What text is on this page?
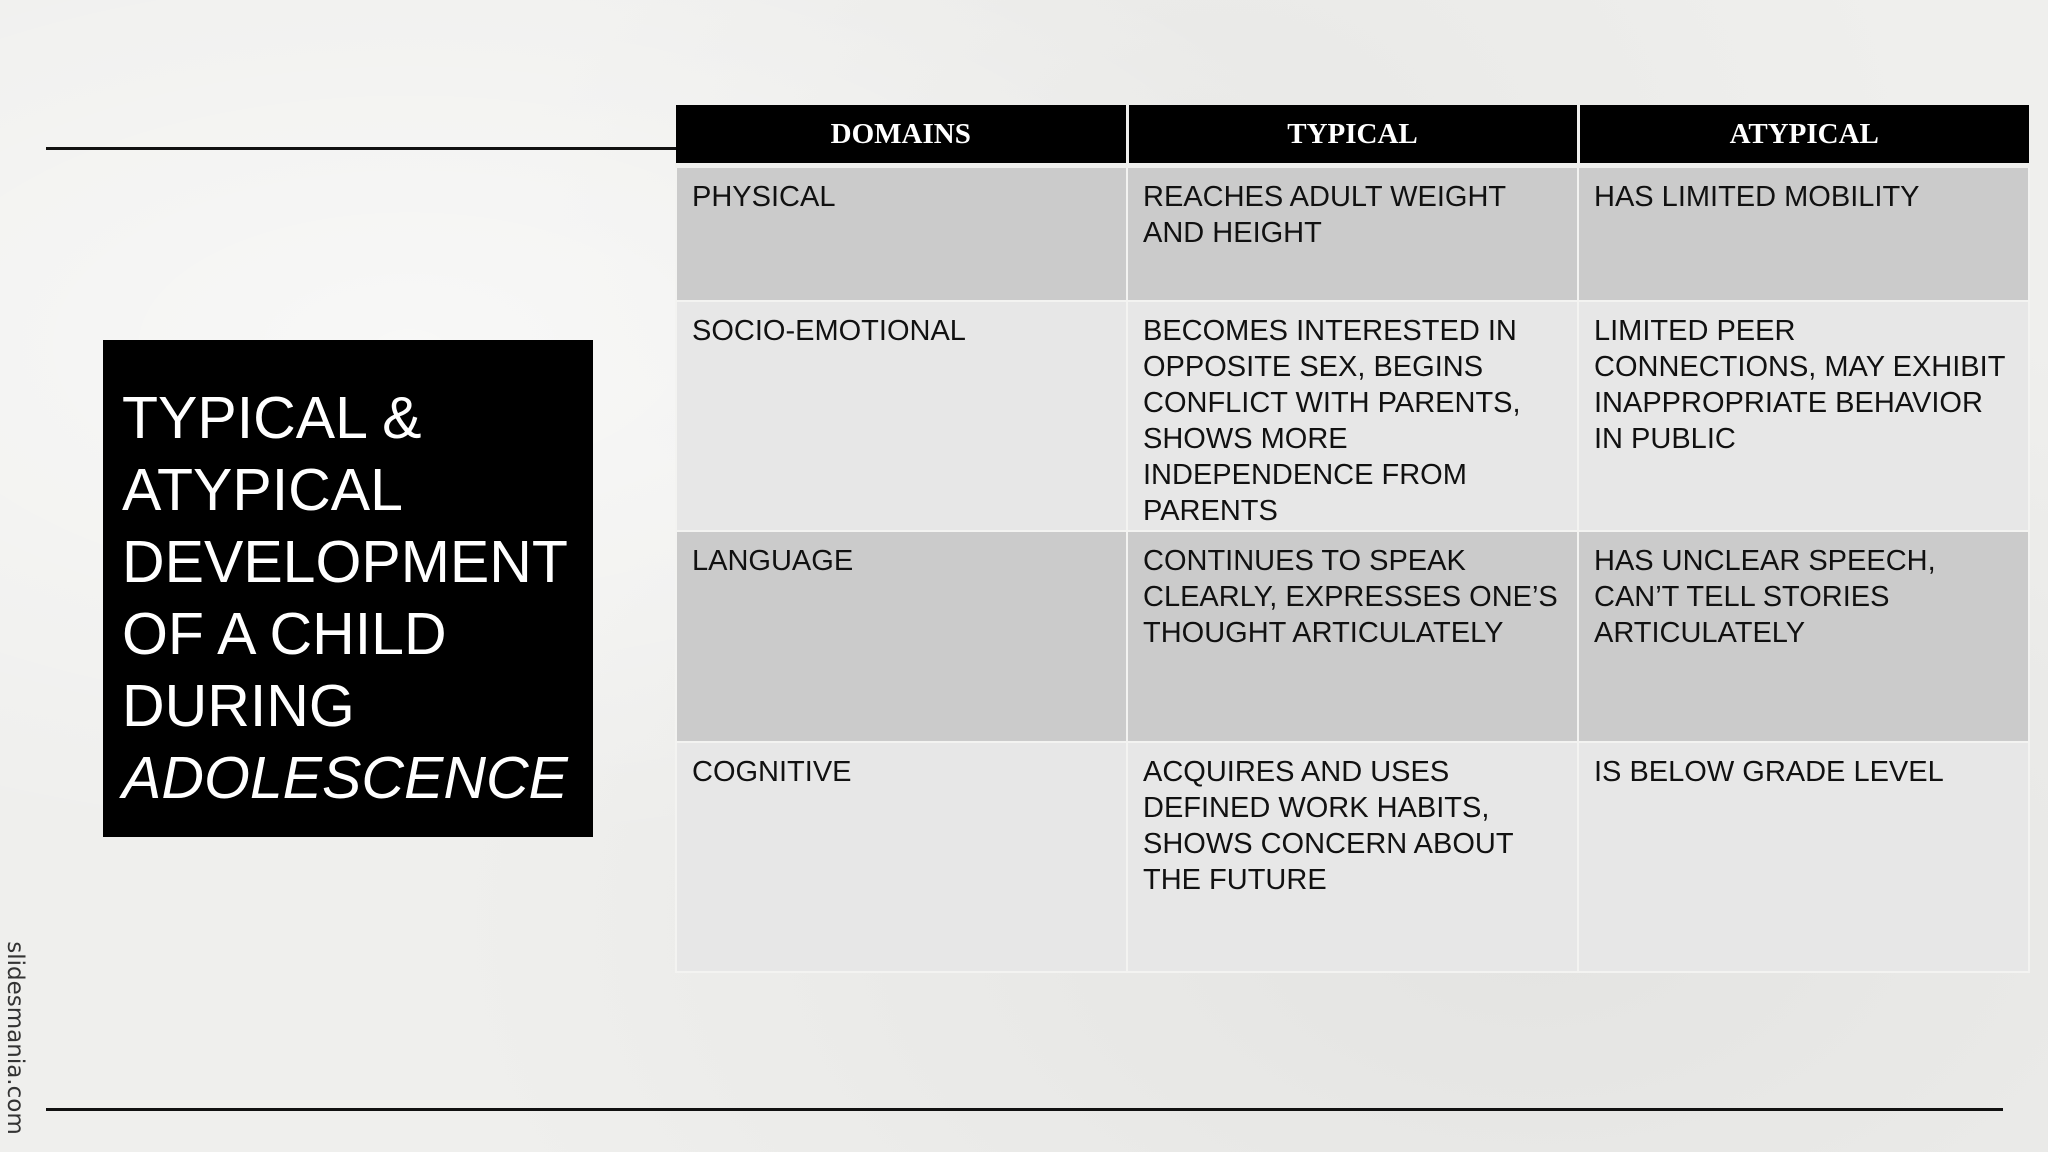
TYPICAL &
ATYPICAL
DEVELOPMENT
OF A CHILD
DURING
ADOLESCENCE
slidesmania.com
DOMAINS	TYPICAL	ATYPICAL
PHYSICAL	REACHES ADULT WEIGHT AND HEIGHT	HAS LIMITED MOBILITY
SOCIO-EMOTIONAL	BECOMES INTERESTED IN OPPOSITE SEX, BEGINS CONFLICT WITH PARENTS, SHOWS MORE INDEPENDENCE FROM PARENTS	LIMITED PEER CONNECTIONS, MAY EXHIBIT INAPPROPRIATE BEHAVIOR IN PUBLIC
LANGUAGE	CONTINUES TO SPEAK CLEARLY, EXPRESSES ONE’S THOUGHT ARTICULATELY	HAS UNCLEAR SPEECH, CAN’T TELL STORIES ARTICULATELY
COGNITIVE	ACQUIRES AND USES DEFINED WORK HABITS, SHOWS CONCERN ABOUT THE FUTURE	IS BELOW GRADE LEVEL
